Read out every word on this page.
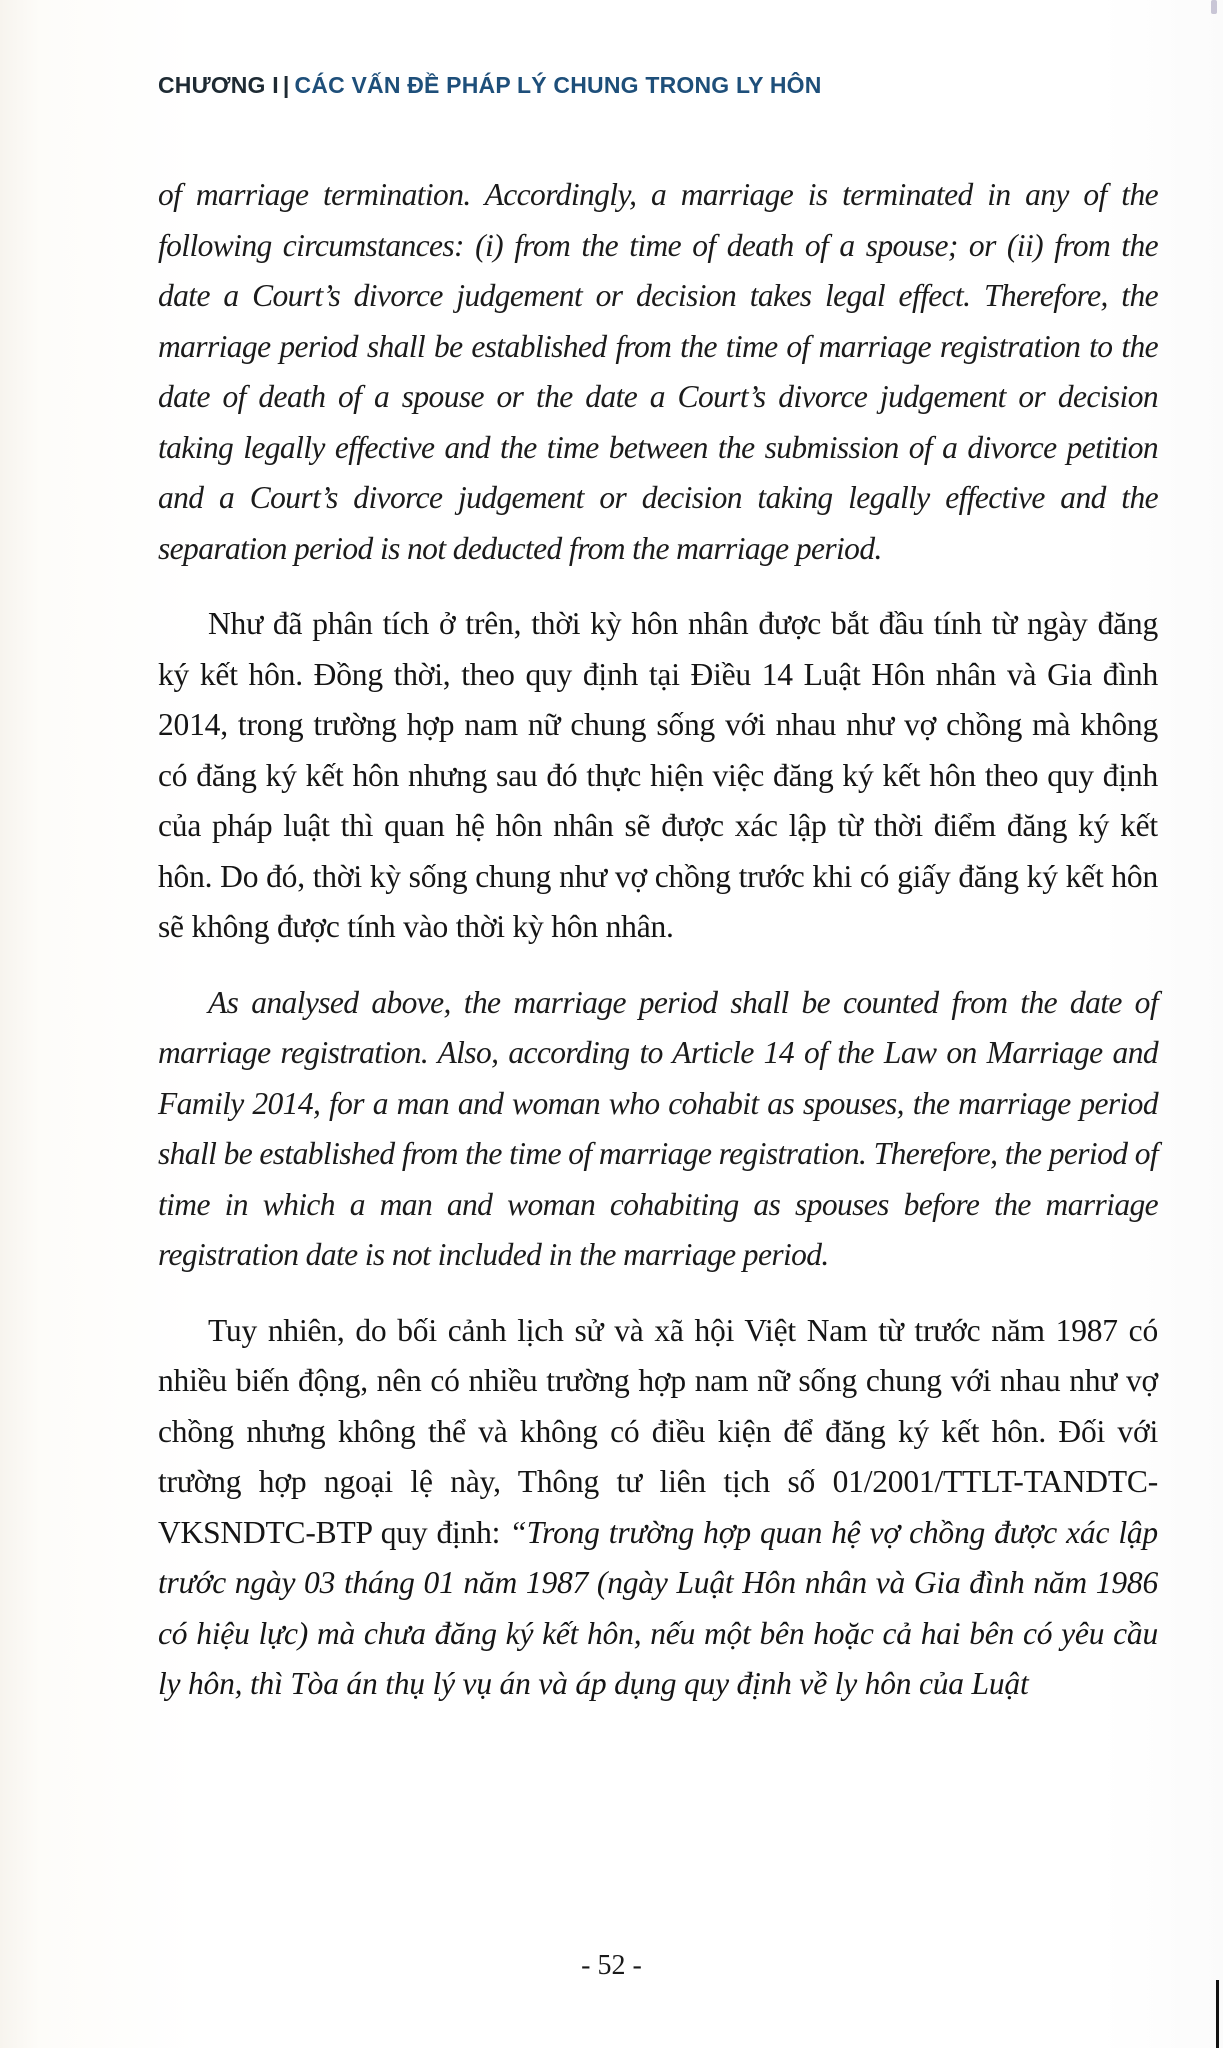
CHƯƠNG I | CÁC VẤN ĐỀ PHÁP LÝ CHUNG TRONG LY HÔN

of marriage termination. Accordingly, a marriage is terminated in any of the following circumstances: (i) from the time of death of a spouse; or (ii) from the date a Court’s divorce judgement or decision takes legal effect. Therefore, the marriage period shall be established from the time of marriage registration to the date of death of a spouse or the date a Court’s divorce judgement or decision taking legally effective and the time between the submission of a divorce petition and a Court’s divorce judgement or decision taking legally effective and the separation period is not deducted from the marriage period.

Như đã phân tích ở trên, thời kỳ hôn nhân được bắt đầu tính từ ngày đăng ký kết hôn. Đồng thời, theo quy định tại Điều 14 Luật Hôn nhân và Gia đình 2014, trong trường hợp nam nữ chung sống với nhau như vợ chồng mà không có đăng ký kết hôn nhưng sau đó thực hiện việc đăng ký kết hôn theo quy định của pháp luật thì quan hệ hôn nhân sẽ được xác lập từ thời điểm đăng ký kết hôn. Do đó, thời kỳ sống chung như vợ chồng trước khi có giấy đăng ký kết hôn sẽ không được tính vào thời kỳ hôn nhân.

As analysed above, the marriage period shall be counted from the date of marriage registration. Also, according to Article 14 of the Law on Marriage and Family 2014, for a man and woman who cohabit as spouses, the marriage period shall be established from the time of marriage registration. Therefore, the period of time in which a man and woman cohabiting as spouses before the marriage registration date is not included in the marriage period.

Tuy nhiên, do bối cảnh lịch sử và xã hội Việt Nam từ trước năm 1987 có nhiều biến động, nên có nhiều trường hợp nam nữ sống chung với nhau như vợ chồng nhưng không thể và không có điều kiện để đăng ký kết hôn. Đối với trường hợp ngoại lệ này, Thông tư liên tịch số 01/2001/TTLT-TANDTC-VKSNDTC-BTP quy định: “Trong trường hợp quan hệ vợ chồng được xác lập trước ngày 03 tháng 01 năm 1987 (ngày Luật Hôn nhân và Gia đình năm 1986 có hiệu lực) mà chưa đăng ký kết hôn, nếu một bên hoặc cả hai bên có yêu cầu ly hôn, thì Tòa án thụ lý vụ án và áp dụng quy định về ly hôn của Luật

- 52 -
